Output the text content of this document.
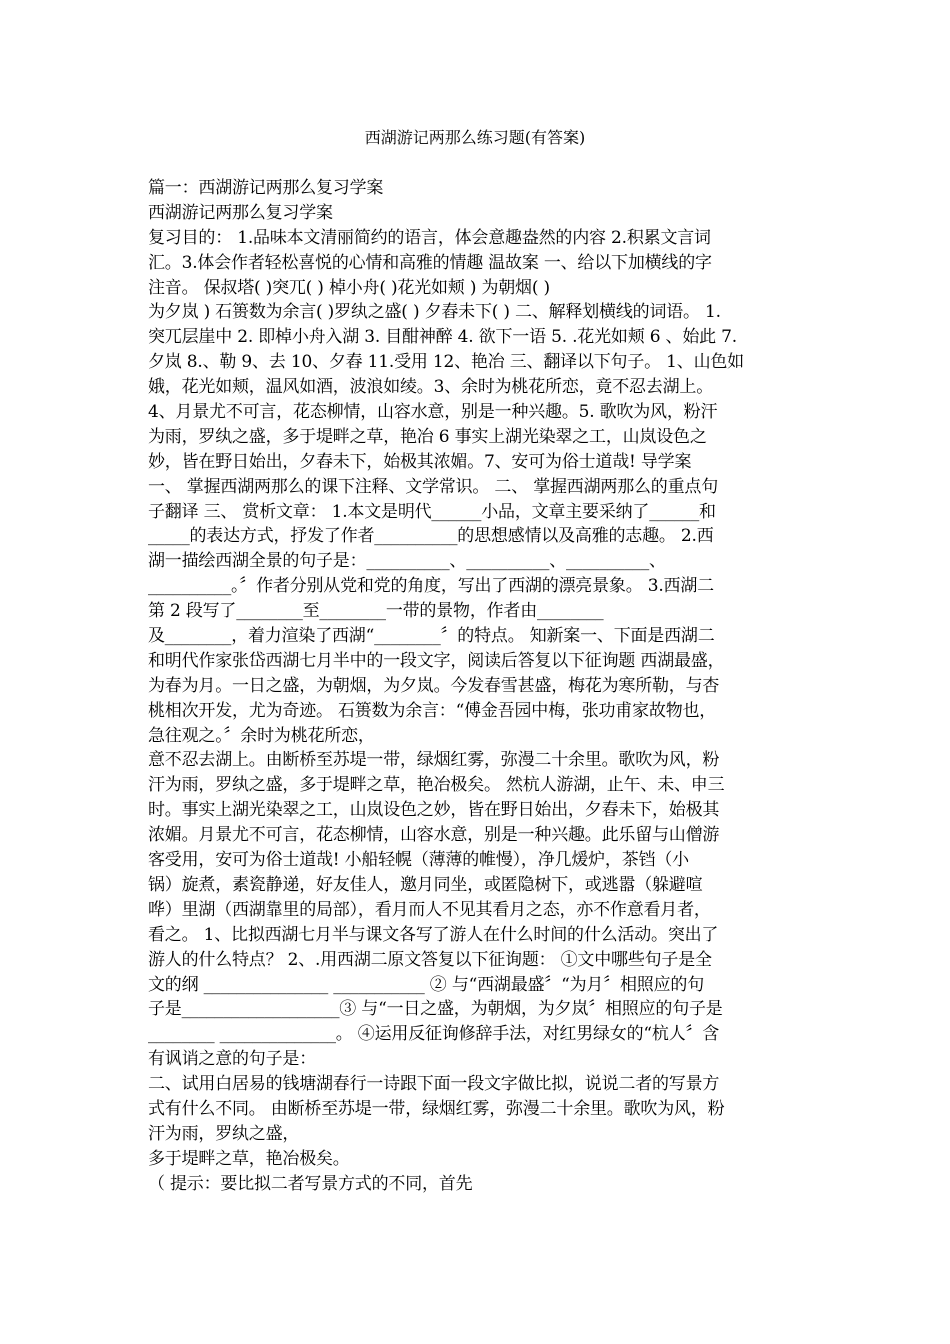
西湖游记两那么练习题(有答案)
篇一：西湖游记两那么复习学案
西湖游记两那么复习学案
复习目的： 1.品味本文清丽简约的语言，体会意趣盎然的内容 2.积累文言词
汇。3.体会作者轻松喜悦的心情和高雅的情趣 温故案 一、给以下加横线的字
注音。 保叔塔( )突兀( ) 棹小舟( )花光如颊 ) 为朝烟( )
为夕岚 ) 石篑数为余言( )罗纨之盛( ) 夕舂未下( ) 二、解释划横线的词语。 1.
突兀层崖中 2. 即棹小舟入湖 3. 目酣神醉 4. 欲下一语 5. .花光如颊 6 、始此 7.
夕岚 8.、勒 9、去 10、夕舂 11.受用 12、艳冶 三、翻译以下句子。 1、山色如
娥，花光如颊，温风如酒，波浪如绫。3、余时为桃花所恋，竟不忍去湖上。
4、月景尤不可言，花态柳情，山容水意，别是一种兴趣。5. 歌吹为风，粉汗
为雨，罗纨之盛，多于堤畔之草，艳冶 6 事实上湖光染翠之工，山岚设色之
妙，皆在野日始出，夕舂未下，始极其浓媚。7、安可为俗士道哉! 导学案
一、 掌握西湖两那么的课下注释、文学常识。 二、 掌握西湖两那么的重点句
子翻译 三、 赏析文章： 1.本文是明代______小品，文章主要采纳了______和
_____的表达方式，抒发了作者__________的思想感情以及高雅的志趣。 2.西
湖一描绘西湖全景的句子是：__________、__________、__________、
__________。〞作者分别从党和党的角度，写出了西湖的漂亮景象。 3.西湖二
第 2 段写了________至________一带的景物，作者由________
及________，着力渲染了西湖“________〞的特点。 知新案一、下面是西湖二
和明代作家张岱西湖七月半中的一段文字，阅读后答复以下征询题 西湖最盛，
为春为月。一日之盛，为朝烟，为夕岚。今发春雪甚盛，梅花为寒所勒，与杏
桃相次开发，尤为奇迹。 石篑数为余言：“傅金吾园中梅，张功甫家故物也，
急往观之。〞余时为桃花所恋，
意不忍去湖上。由断桥至苏堤一带，绿烟红雾，弥漫二十余里。歌吹为风，粉
汗为雨，罗纨之盛，多于堤畔之草，艳冶极矣。 然杭人游湖，止午、未、申三
时。事实上湖光染翠之工，山岚设色之妙，皆在野日始出，夕舂未下，始极其
浓媚。月景尤不可言，花态柳情，山容水意，别是一种兴趣。此乐留与山僧游
客受用，安可为俗士道哉! 小船轻幌（薄薄的帷慢），净几煖炉，茶铛（小
锅）旋煮，素瓷静递，好友佳人，邀月同坐，或匿隐树下，或逃嚣（躲避喧
哗）里湖（西湖靠里的局部），看月而人不见其看月之态，亦不作意看月者，
看之。 1、比拟西湖七月半与课文各写了游人在什么时间的什么活动。突出了
游人的什么特点？ 2、.用西湖二原文答复以下征询题： ①文中哪些句子是全
文的纲 _______________ ___________ ② 与“西湖最盛〞“为月〞相照应的句
子是___________________③ 与“一日之盛，为朝烟，为夕岚〞相照应的句子是
________ ______________。 ④运用反征询修辞手法，对红男绿女的“杭人〞含
有讽诮之意的句子是：
二、试用白居易的钱塘湖春行一诗跟下面一段文字做比拟，说说二者的写景方
式有什么不同。 由断桥至苏堤一带，绿烟红雾，弥漫二十余里。歌吹为风，粉
汗为雨，罗纨之盛，
多于堤畔之草，艳冶极矣。
（ 提示：要比拟二者写景方式的不同，首先
